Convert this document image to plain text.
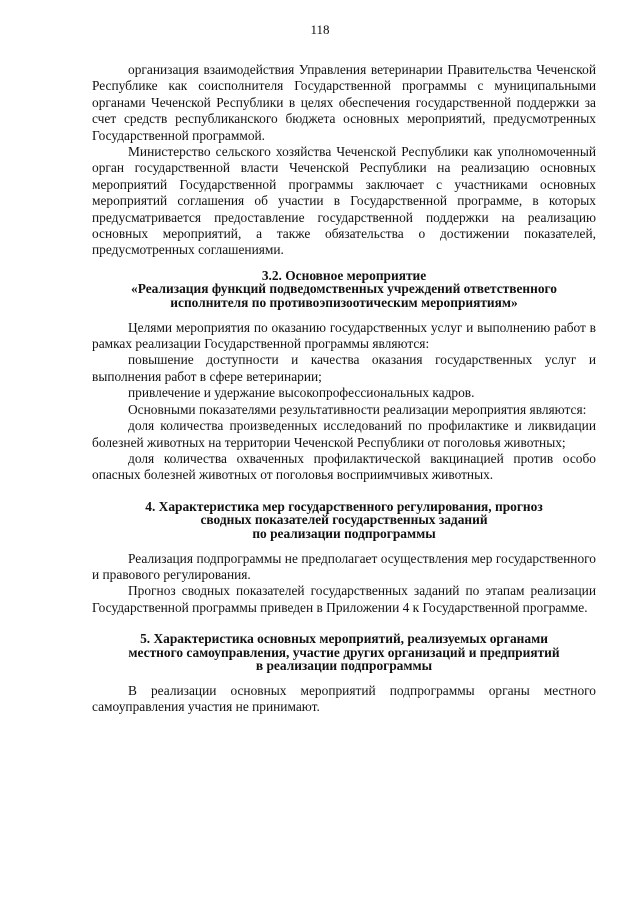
118

организация взаимодействия Управления ветеринарии Правительства Чеченской Республике как соисполнителя Государственной программы с муниципальными органами Чеченской Республики в целях обеспечения государственной поддержки за счет средств республиканского бюджета основных мероприятий, предусмотренных Государственной программой.

Министерство сельского хозяйства Чеченской Республики как уполномоченный орган государственной власти Чеченской Республики на реализацию основных мероприятий Государственной программы заключает с участниками основных мероприятий соглашения об участии в Государственной программе, в которых предусматривается предоставление государственной поддержки на реализацию основных мероприятий, а также обязательства о достижении показателей, предусмотренных соглашениями.

3.2. Основное мероприятие
«Реализация функций подведомственных учреждений ответственного
исполнителя по противоэпизоотическим мероприятиям»

Целями мероприятия по оказанию государственных услуг и выполнению работ в рамках реализации Государственной программы являются:

повышение доступности и качества оказания государственных услуг и выполнения работ в сфере ветеринарии;

привлечение и удержание высокопрофессиональных кадров.

Основными показателями результативности реализации мероприятия являются:

доля количества произведенных исследований по профилактике и ликвидации болезней животных на территории Чеченской Республики от поголовья животных;

доля количества охваченных профилактической вакцинацией против особо опасных болезней животных от поголовья восприимчивых животных.

4. Характеристика мер государственного регулирования, прогноз
сводных показателей государственных заданий
по реализации подпрограммы

Реализация подпрограммы не предполагает осуществления мер государственного и правового регулирования.

Прогноз сводных показателей государственных заданий по этапам реализации Государственной программы приведен в Приложении 4 к Государственной программе.

5. Характеристика основных мероприятий, реализуемых органами
местного самоуправления, участие других организаций и предприятий
в реализации подпрограммы

В реализации основных мероприятий подпрограммы органы местного самоуправления участия не принимают.
